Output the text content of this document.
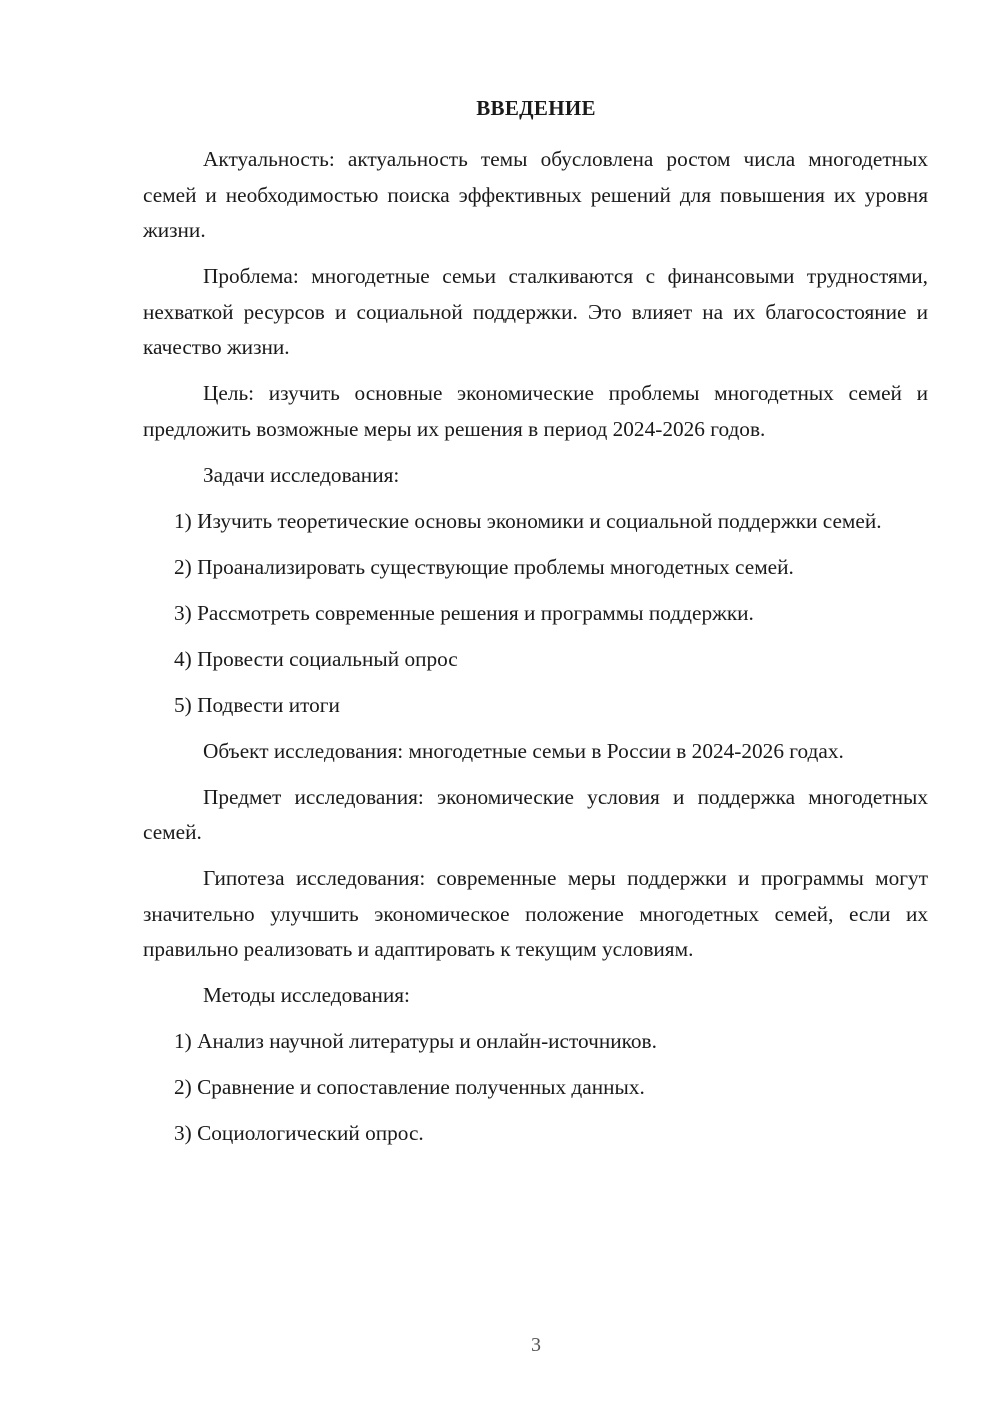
ВВЕДЕНИЕ

Актуальность: актуальность темы обусловлена ростом числа многодетных семей и необходимостью поиска эффективных решений для повышения их уровня жизни.

Проблема: многодетные семьи сталкиваются с финансовыми трудностями, нехваткой ресурсов и социальной поддержки. Это влияет на их благосостояние и качество жизни.

Цель: изучить основные экономические проблемы многодетных семей и предложить возможные меры их решения в период 2024-2026 годов.

Задачи исследования:

1) Изучить теоретические основы экономики и социальной поддержки семей.

2) Проанализировать существующие проблемы многодетных семей.

3) Рассмотреть современные решения и программы поддержки.

4) Провести социальный опрос

5) Подвести итоги

Объект исследования: многодетные семьи в России в 2024-2026 годах.

Предмет исследования: экономические условия и поддержка многодетных семей.

Гипотеза исследования: современные меры поддержки и программы могут значительно улучшить экономическое положение многодетных семей, если их правильно реализовать и адаптировать к текущим условиям.

Методы исследования:

1) Анализ научной литературы и онлайн-источников.

2) Сравнение и сопоставление полученных данных.

3) Социологический опрос.

3
